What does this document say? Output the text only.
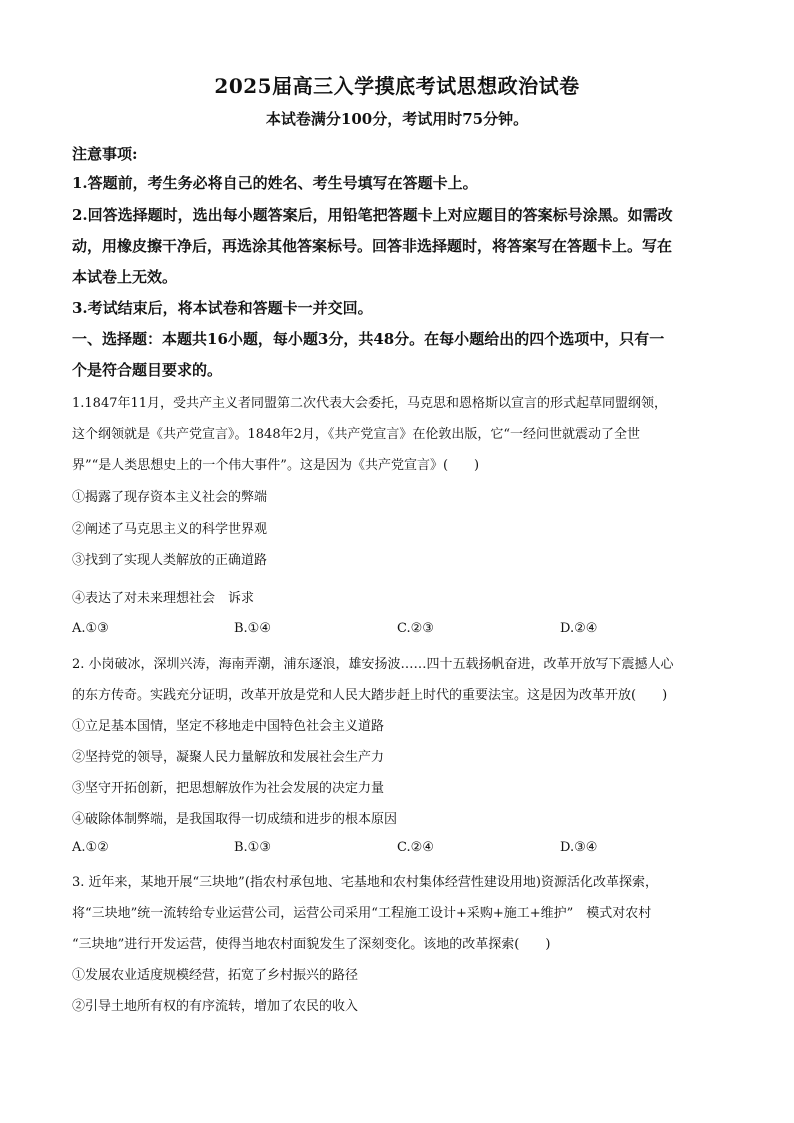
2025届高三入学摸底考试思想政治试卷
本试卷满分100分，考试用时75分钟。
注意事项:
1.答题前，考生务必将自己的姓名、考生号填写在答题卡上。
2.回答选择题时，选出每小题答案后，用铅笔把答题卡上对应题目的答案标号涂黑。如需改
动，用橡皮擦干净后，再选涂其他答案标号。回答非选择题时，将答案写在答题卡上。写在
本试卷上无效。
3.考试结束后，将本试卷和答题卡一并交回。
一、选择题：本题共16小题，每小题3分，共48分。在每小题给出的四个选项中，只有一
个是符合题目要求的。
1.1847年11月，受共产主义者同盟第二次代表大会委托，马克思和恩格斯以宣言的形式起草同盟纲领，
这个纲领就是《共产党宣言》。1848年2月，《共产党宣言》在伦敦出版，它“一经问世就震动了全世
界”“是人类思想史上的一个伟大事件”。这是因为《共产党宣言》(　　)
①揭露了现存资本主义社会的弊端
②阐述了马克思主义的科学世界观
③找到了实现人类解放的正确道路
④表达了对未来理想社会　诉求
A.①③	B.①④	C.②③	D.②④
2. 小岗破冰，深圳兴涛，海南弄潮，浦东逐浪，雄安扬波……四十五载扬帆奋进，改革开放写下震撼人心
的东方传奇。实践充分证明，改革开放是党和人民大踏步赶上时代的重要法宝。这是因为改革开放(　　)
①立足基本国情，坚定不移地走中国特色社会主义道路
②坚持党的领导，凝聚人民力量解放和发展社会生产力
③坚守开拓创新，把思想解放作为社会发展的决定力量
④破除体制弊端，是我国取得一切成绩和进步的根本原因
A.①②	B.①③	C.②④	D.③④
3. 近年来，某地开展“三块地”(指农村承包地、宅基地和农村集体经营性建设用地)资源活化改革探索，
将“三块地”统一流转给专业运营公司，运营公司采用“工程施工设计+采购+施工+维护”　模式对农村
“三块地”进行开发运营，使得当地农村面貌发生了深刻变化。该地的改革探索(　　)
①发展农业适度规模经营，拓宽了乡村振兴的路径
②引导土地所有权的有序流转，增加了农民的收入
